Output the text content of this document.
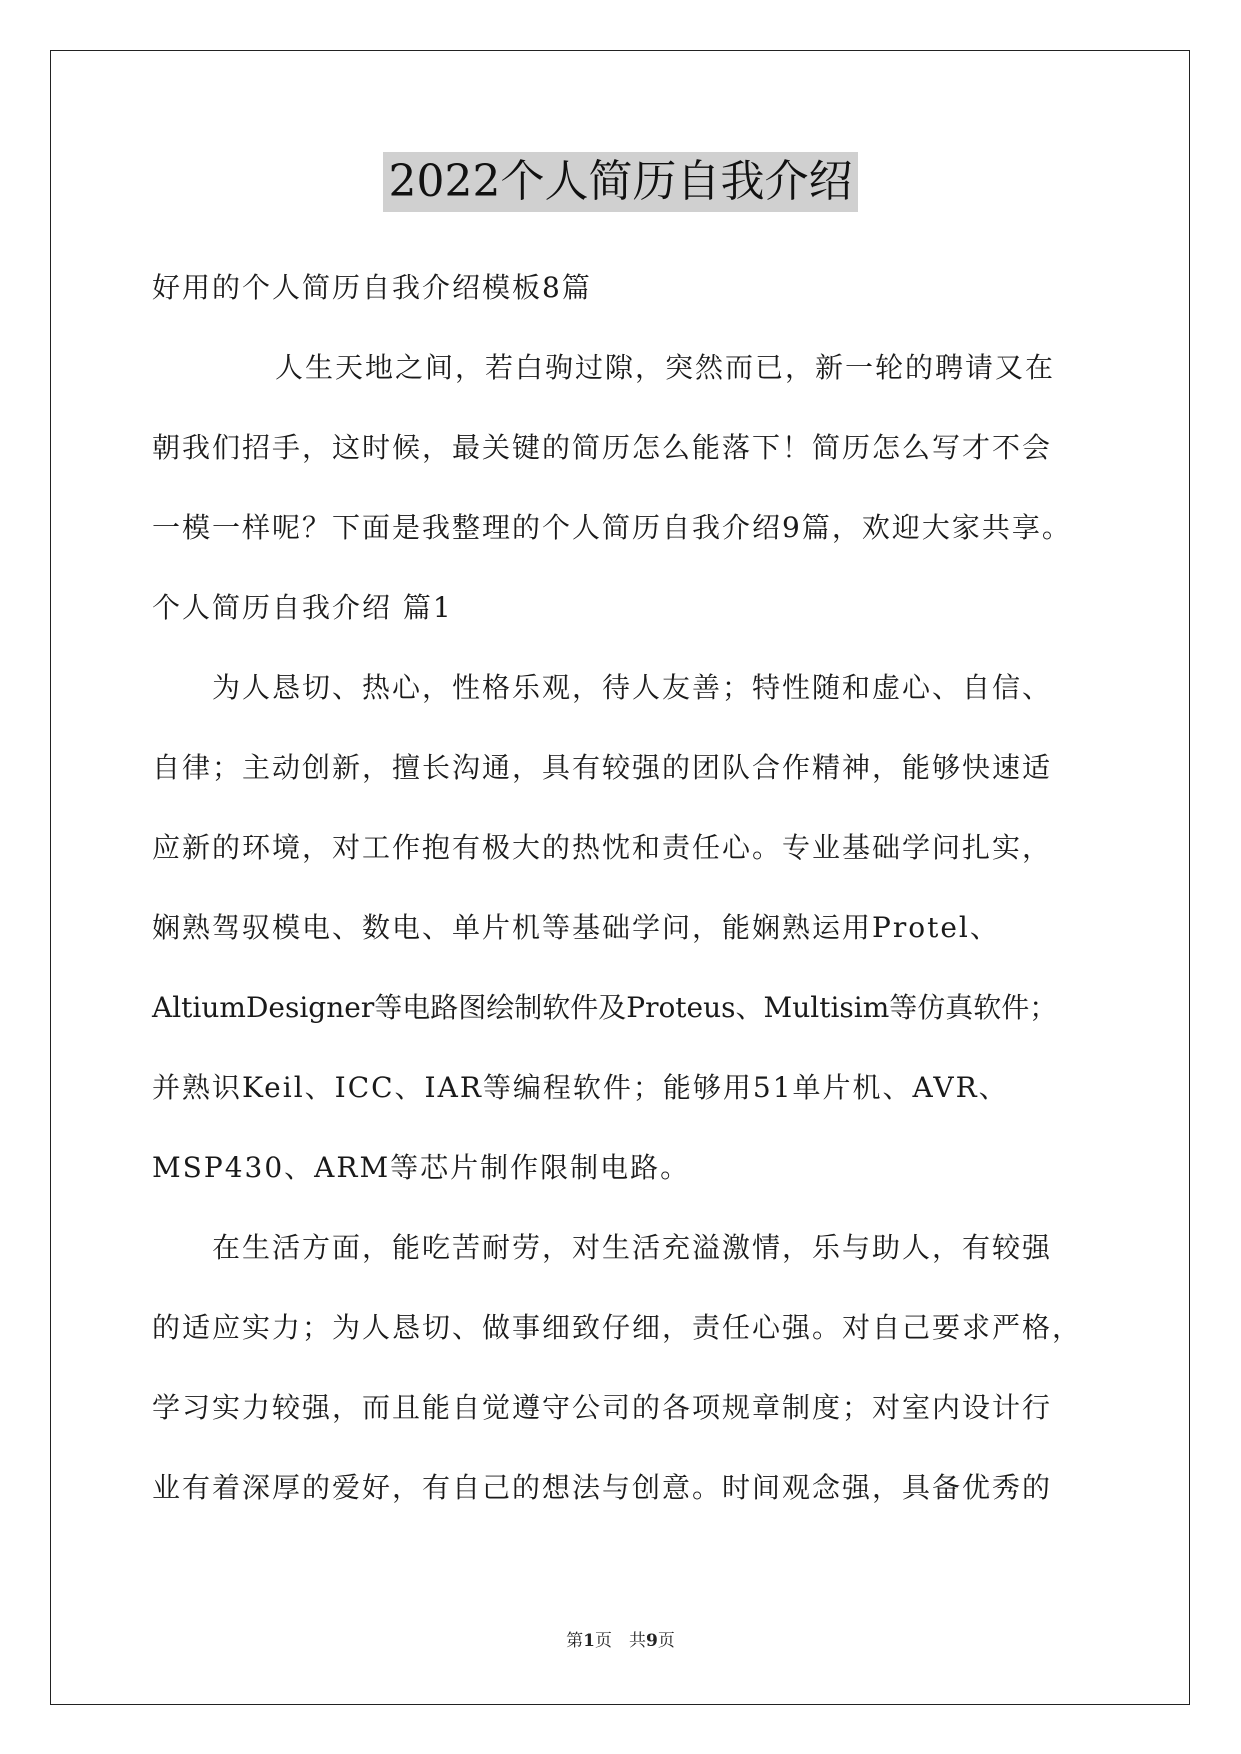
2022个人简历自我介绍
好用的个人简历自我介绍模板8篇
人生天地之间，若白驹过隙，突然而已，新一轮的聘请又在
朝我们招手，这时候，最关键的简历怎么能落下！简历怎么写才不会
一模一样呢？下面是我整理的个人简历自我介绍9篇，欢迎大家共享。
个人简历自我介绍 篇1
为人恳切、热心，性格乐观，待人友善；特性随和虚心、自信、
自律；主动创新，擅长沟通，具有较强的团队合作精神，能够快速适
应新的环境，对工作抱有极大的热忱和责任心。专业基础学问扎实，
娴熟驾驭模电、数电、单片机等基础学问，能娴熟运用Protel、
AltiumDesigner等电路图绘制软件及Proteus、Multisim等仿真软件；
并熟识Keil、ICC、IAR等编程软件；能够用51单片机、AVR、
MSP430、ARM等芯片制作限制电路。
在生活方面，能吃苦耐劳，对生活充溢激情，乐与助人，有较强
的适应实力；为人恳切、做事细致仔细，责任心强。对自己要求严格，
学习实力较强，而且能自觉遵守公司的各项规章制度；对室内设计行
业有着深厚的爱好，有自己的想法与创意。时间观念强，具备优秀的
第1页　共9页
